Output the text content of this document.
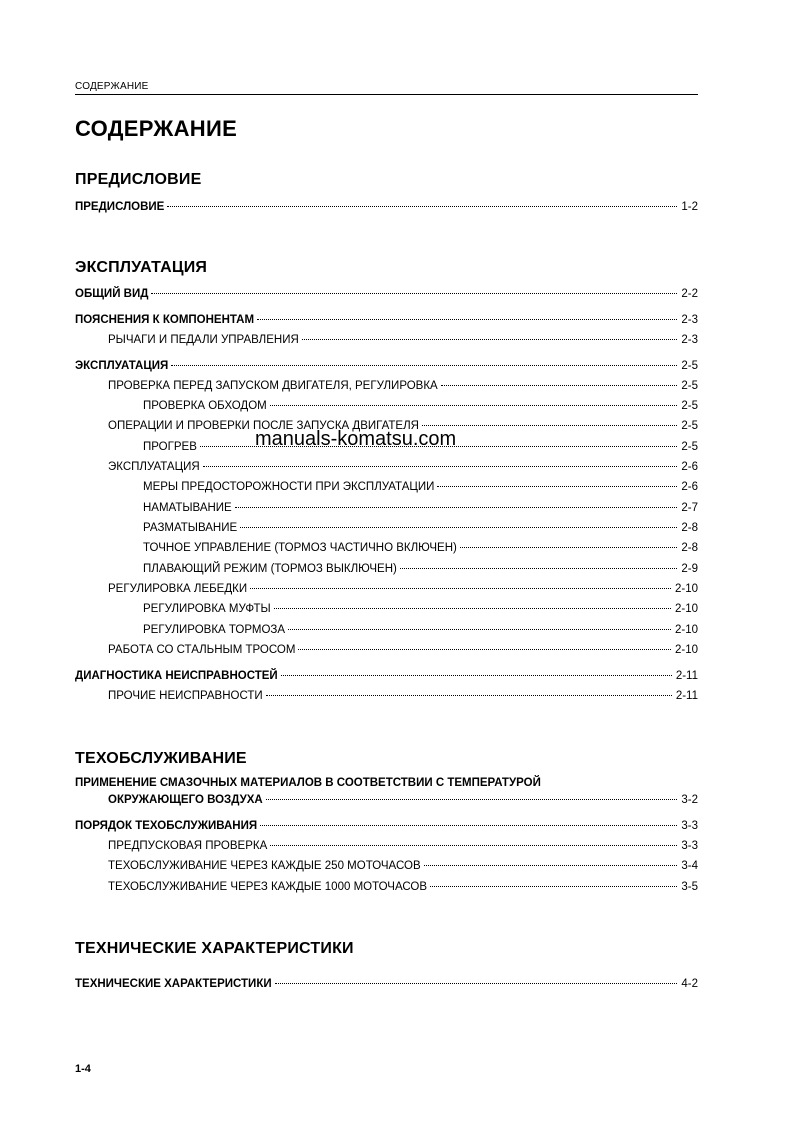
СОДЕРЖАНИЕ
СОДЕРЖАНИЕ
ПРЕДИСЛОВИЕ
ПРЕДИСЛОВИЕ	1-2
ЭКСПЛУАТАЦИЯ
ОБЩИЙ ВИД	2-2
ПОЯСНЕНИЯ К КОМПОНЕНТАМ	2-3
РЫЧАГИ И ПЕДАЛИ УПРАВЛЕНИЯ	2-3
ЭКСПЛУАТАЦИЯ	2-5
ПРОВЕРКА ПЕРЕД ЗАПУСКОМ ДВИГАТЕЛЯ, РЕГУЛИРОВКА	2-5
ПРОВЕРКА ОБХОДОМ	2-5
ОПЕРАЦИИ И ПРОВЕРКИ ПОСЛЕ ЗАПУСКА ДВИГАТЕЛЯ	2-5
ПРОГРЕВ	2-5
ЭКСПЛУАТАЦИЯ	2-6
МЕРЫ ПРЕДОСТОРОЖНОСТИ ПРИ ЭКСПЛУАТАЦИИ	2-6
НАМАТЫВАНИЕ	2-7
РАЗМАТЫВАНИЕ	2-8
ТОЧНОЕ УПРАВЛЕНИЕ (ТОРМОЗ ЧАСТИЧНО ВКЛЮЧЕН)	2-8
ПЛАВАЮЩИЙ РЕЖИМ (ТОРМОЗ ВЫКЛЮЧЕН)	2-9
РЕГУЛИРОВКА ЛЕБЕДКИ	2-10
РЕГУЛИРОВКА МУФТЫ	2-10
РЕГУЛИРОВКА ТОРМОЗА	2-10
РАБОТА СО СТАЛЬНЫМ ТРОСОМ	2-10
ДИАГНОСТИКА НЕИСПРАВНОСТЕЙ	2-11
ПРОЧИЕ НЕИСПРАВНОСТИ	2-11
ТЕХОБСЛУЖИВАНИЕ
ПРИМЕНЕНИЕ СМАЗОЧНЫХ МАТЕРИАЛОВ В СООТВЕТСТВИИ С ТЕМПЕРАТУРОЙ
ОКРУЖАЮЩЕГО ВОЗДУХА	3-2
ПОРЯДОК ТЕХОБСЛУЖИВАНИЯ	3-3
ПРЕДПУСКОВАЯ ПРОВЕРКА	3-3
ТЕХОБСЛУЖИВАНИЕ ЧЕРЕЗ КАЖДЫЕ 250 МОТОЧАСОВ	3-4
ТЕХОБСЛУЖИВАНИЕ ЧЕРЕЗ КАЖДЫЕ 1000 МОТОЧАСОВ	3-5
ТЕХНИЧЕСКИЕ ХАРАКТЕРИСТИКИ
ТЕХНИЧЕСКИЕ ХАРАКТЕРИСТИКИ	4-2
manuals-komatsu.com
1-4
